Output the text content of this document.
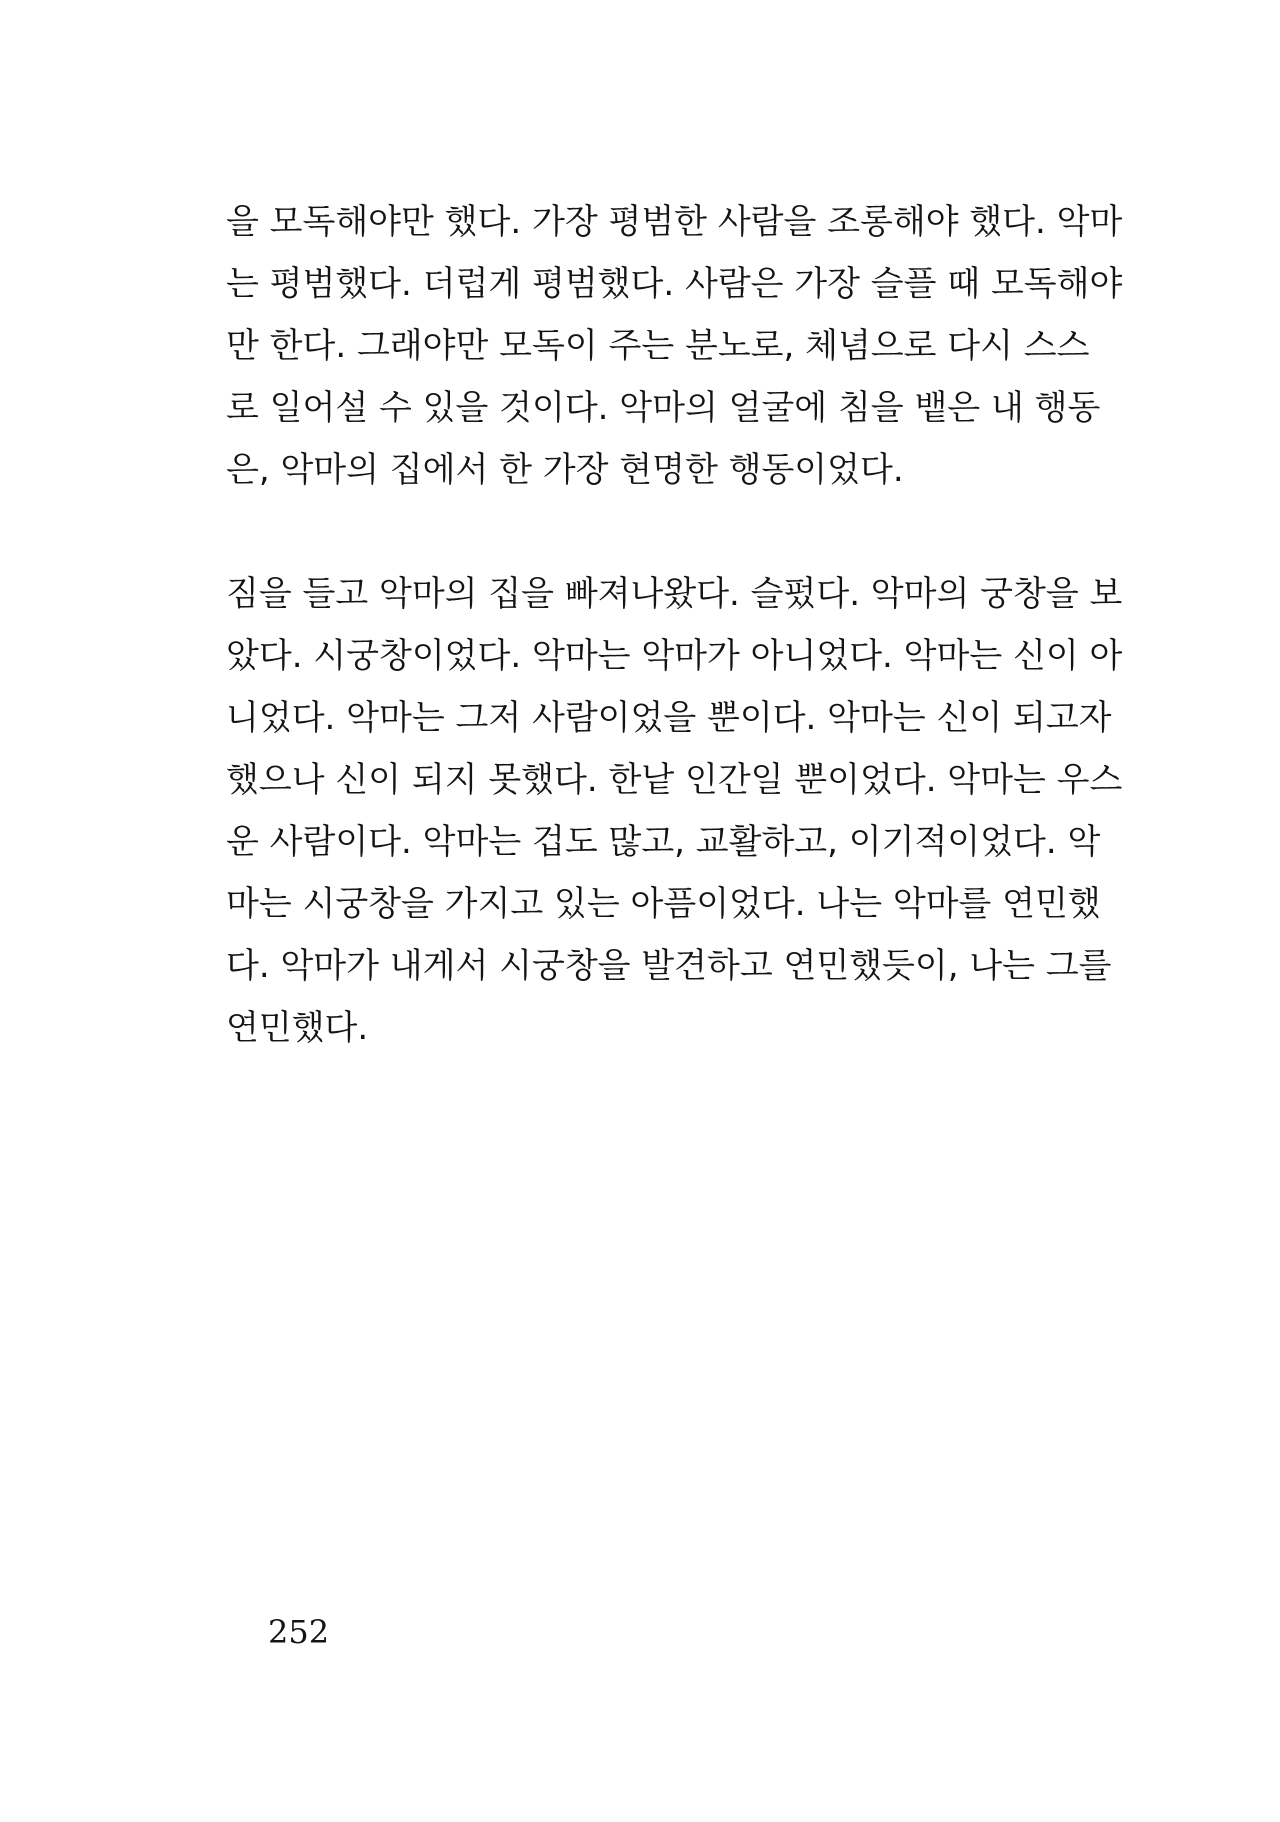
을 모독해야만 했다. 가장 평범한 사람을 조롱해야 했다. 악마
는 평범했다. 더럽게 평범했다. 사람은 가장 슬플 때 모독해야
만 한다. 그래야만 모독이 주는 분노로, 체념으로 다시 스스
로 일어설 수 있을 것이다. 악마의 얼굴에 침을 뱉은 내 행동
은, 악마의 집에서 한 가장 현명한 행동이었다.
짐을 들고 악마의 집을 빠져나왔다. 슬펐다. 악마의 궁창을 보
았다. 시궁창이었다. 악마는 악마가 아니었다. 악마는 신이 아
니었다. 악마는 그저 사람이었을 뿐이다. 악마는 신이 되고자
했으나 신이 되지 못했다. 한낱 인간일 뿐이었다. 악마는 우스
운 사람이다. 악마는 겁도 많고, 교활하고, 이기적이었다. 악
마는 시궁창을 가지고 있는 아픔이었다. 나는 악마를 연민했
다. 악마가 내게서 시궁창을 발견하고 연민했듯이, 나는 그를
연민했다.
252
